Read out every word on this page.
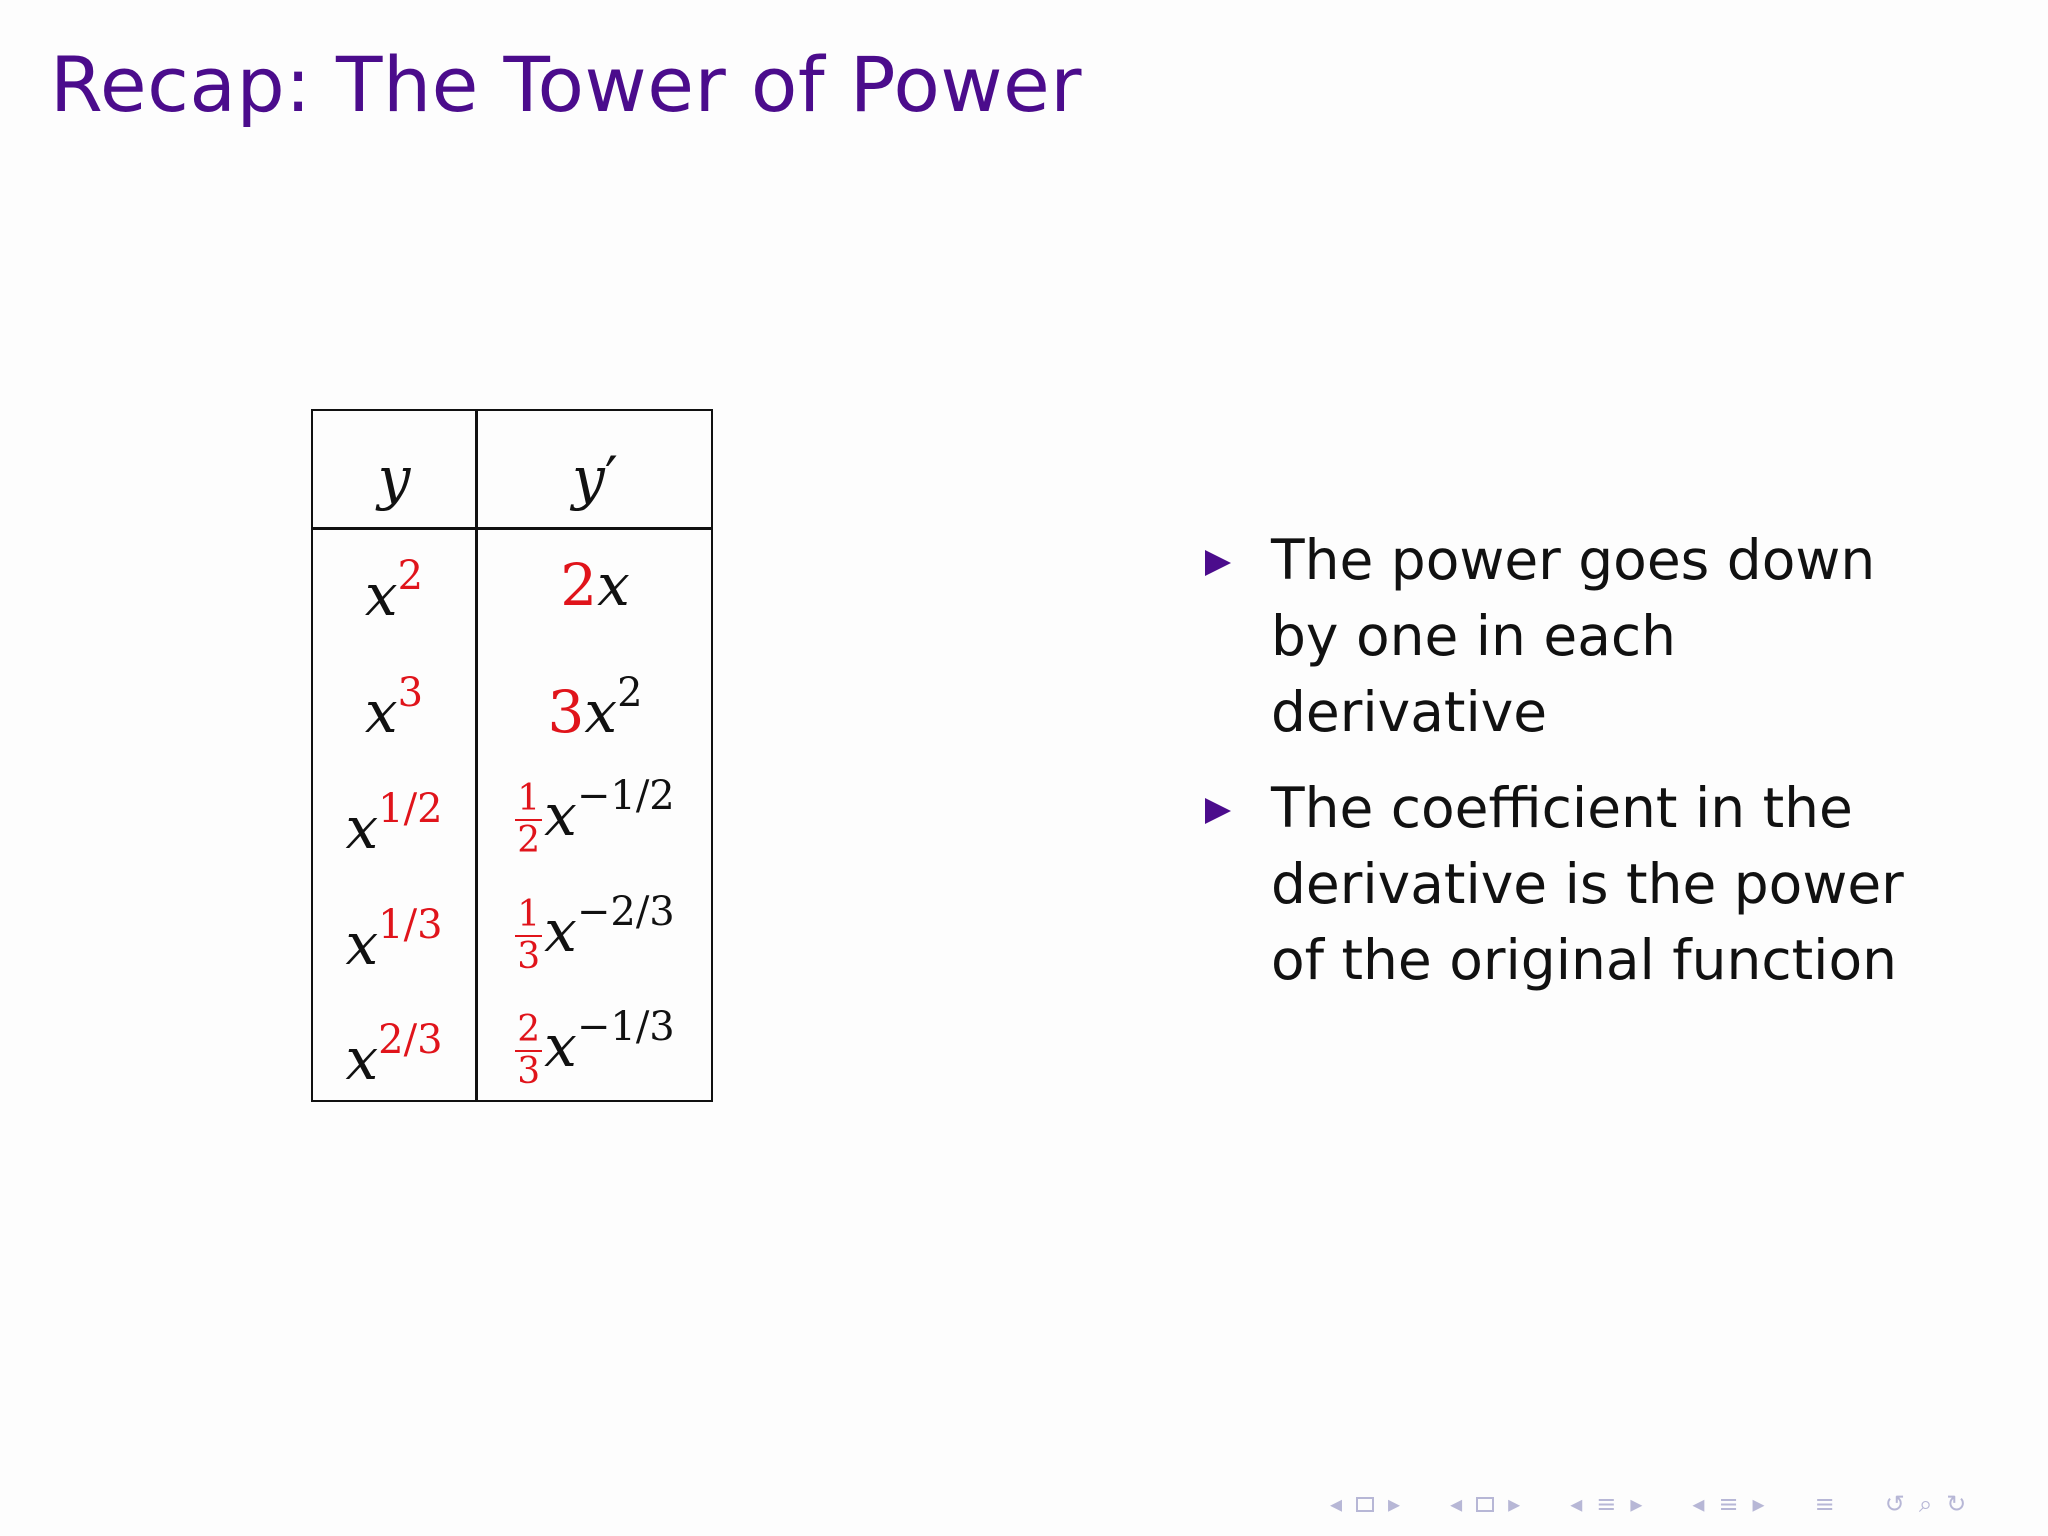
Recap: The Tower of Power
y	y′
$x^2$	2x
$x^3$	$3x^2$
$x^{1/2}$	$\frac{1}{2} x^{-1/2}$
$x^{1/3}$	$\frac{1}{3} x^{-2/3}$
$x^{2/3}$	$\frac{2}{3} x^{-1/3}$
The power goes down by one in each derivative
The coefficient in the derivative is the power of the original function
◂ ▸ ◂ ▸ ◂ ≡ ▸ ◂ ≡ ▸ ≡ ↺ ⌕ ↻
